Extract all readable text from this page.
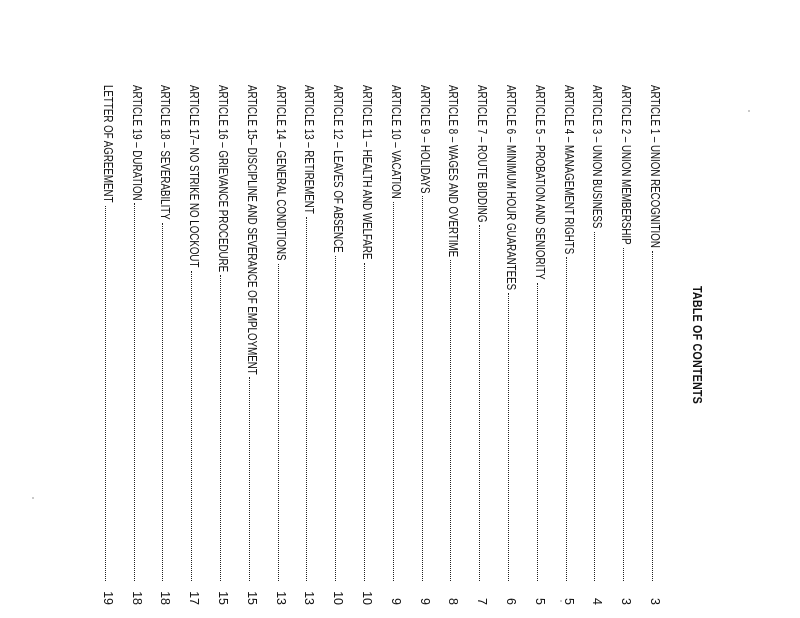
TABLE OF CONTENTS
ARTICLE 1 – UNION RECOGNITION
3
ARTICLE 2 – UNION MEMBERSHIP
3
ARTICLE 3 – UNION BUSINESS
4
ARTICLE 4 – MANAGEMENT RIGHTS
5
ARTICLE 5 – PROBATION AND SENIORITY
5
ARTICLE 6 – MINIMUM HOUR GUARANTEES
6
ARTICLE 7 – ROUTE BIDDING
7
ARTICLE 8 – WAGES AND OVERTIME
8
ARTICLE 9 – HOLIDAYS
9
ARTICLE 10 – VACATION
9
ARTICLE 11 – HEALTH AND WELFARE
10
ARTICLE 12 – LEAVES OF ABSENCE
10
ARTICLE 13 – RETIREMENT
13
ARTICLE 14 – GENERAL CONDITIONS
13
ARTICLE 15– DISCIPLINE AND SEVERANCE OF EMPLOYMENT
15
ARTICLE 16 – GRIEVANCE PROCEDURE
15
ARTICLE 17– NO STRIKE NO LOCKOUT
17
ARTICLE 18 – SEVERABILITY
18
ARTICLE 19 – DURATION
18
LETTER OF AGREEMENT
19
